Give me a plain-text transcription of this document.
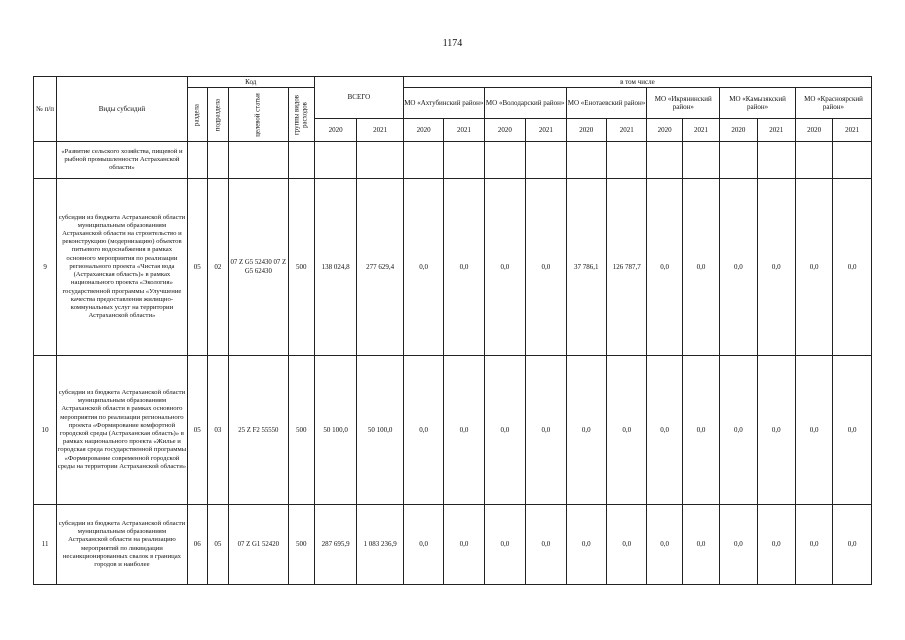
1174
№ п/п	Виды субсидий	Код				ВСЕГО		в том числе											

		раздела	подраздела	целевой статьи	группы видов расходов			МО «Ахтубинский район»		МО «Володарский район»		МО «Енотаевский район»		МО «Икрянинский район»		МО «Камызякский район»		МО «Красноярский район»	
						2020	2021	2020	2021	2020	2021	2020	2021	2020	2021	2020	2021	2020	2021
	«Развитие сельского хозяйства, пищевой и рыбной промышленности Астраханской области»																		
9	субсидии из бюджета Астраханской области муниципальным образованиям Астраханской области на строительство и реконструкцию (модернизацию) объектов питьевого водоснабжения в рамках основного мероприятия по реализации регионального проекта «Чистая вода (Астраханская область)» в рамках национального проекта «Экология» государственной программы «Улучшение качества предоставления жилищно-коммунальных услуг на территории Астраханской области»	05	02	07 Z G5 52430 07 Z G5 62430	500	138 024,8	277 629,4	0,0	0,0	0,0	0,0	37 786,1	126 787,7	0,0	0,0	0,0	0,0	0,0	0,0
10	субсидии из бюджета Астраханской области муниципальным образованиям Астраханской области в рамках основного мероприятия по реализации регионального проекта «Формирование комфортной городской среды (Астраханская область)» в рамках национального проекта «Жилье и городская среда государственной программы «Формирование современной городской среды на территории Астраханской области»	05	03	25 Z F2 55550	500	50 100,0	50 100,0	0,0	0,0	0,0	0,0	0,0	0,0	0,0	0,0	0,0	0,0	0,0	0,0
11	субсидии из бюджета Астраханской области муниципальным образованиям Астраханской области на реализацию мероприятий по ликвидации несанкционированных свалок в границах городов и наиболее	06	05	07 Z G1 52420	500	287 695,9	1 083 236,9	0,0	0,0	0,0	0,0	0,0	0,0	0,0	0,0	0,0	0,0	0,0	0,0
